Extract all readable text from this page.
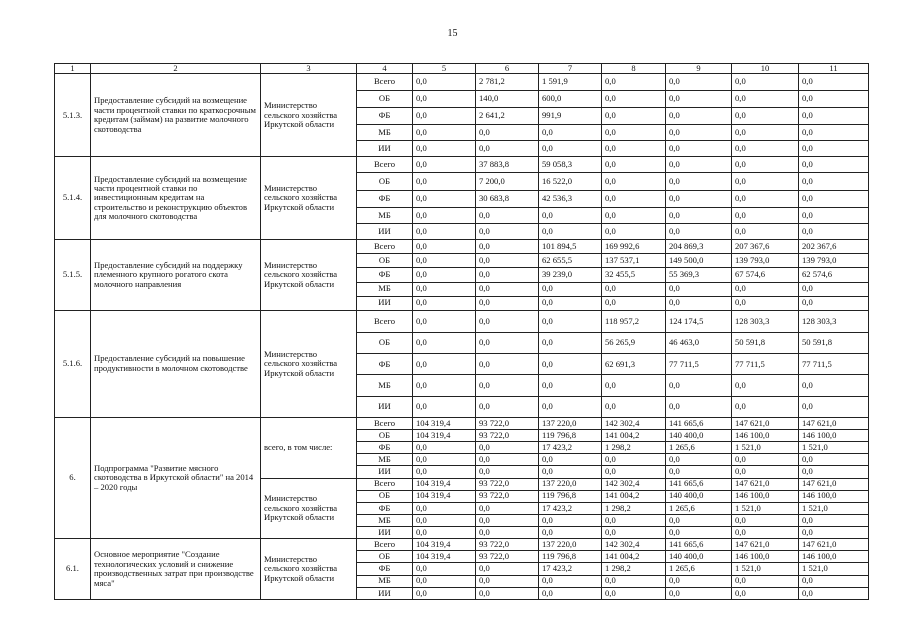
15
1	2	3	4	5	6	7	8	9	10	11
5.1.3.	Предоставление субсидий на возмещение части процентной ставки по краткосрочным кредитам (займам) на развитие молочного скотоводства	Министерство сельского хозяйства Иркутской области	Всего	0,0	2 781,2	1 591,9	0,0	0,0	0,0	0,0
			ОБ	0,0	140,0	600,0	0,0	0,0	0,0	0,0
			ФБ	0,0	2 641,2	991,9	0,0	0,0	0,0	0,0
			МБ	0,0	0,0	0,0	0,0	0,0	0,0	0,0
			ИИ	0,0	0,0	0,0	0,0	0,0	0,0	0,0
5.1.4.	Предоставление субсидий на возмещение части процентной ставки по инвестиционным кредитам на строительство и реконструкцию объектов для молочного скотоводства	Министерство сельского хозяйства Иркутской области	Всего	0,0	37 883,8	59 058,3	0,0	0,0	0,0	0,0
			ОБ	0,0	7 200,0	16 522,0	0,0	0,0	0,0	0,0
			ФБ	0,0	30 683,8	42 536,3	0,0	0,0	0,0	0,0
			МБ	0,0	0,0	0,0	0,0	0,0	0,0	0,0
			ИИ	0,0	0,0	0,0	0,0	0,0	0,0	0,0
5.1.5.	Предоставление субсидий на поддержку племенного крупного рогатого скота молочного направления	Министерство сельского хозяйства Иркутской области	Всего	0,0	0,0	101 894,5	169 992,6	204 869,3	207 367,6	202 367,6
			ОБ	0,0	0,0	62 655,5	137 537,1	149 500,0	139 793,0	139 793,0
			ФБ	0,0	0,0	39 239,0	32 455,5	55 369,3	67 574,6	62 574,6
			МБ	0,0	0,0	0,0	0,0	0,0	0,0	0,0
			ИИ	0,0	0,0	0,0	0,0	0,0	0,0	0,0
5.1.6.	Предоставление субсидий на повышение продуктивности в молочном скотоводстве	Министерство сельского хозяйства Иркутской области	Всего	0,0	0,0	0,0	118 957,2	124 174,5	128 303,3	128 303,3
			ОБ	0,0	0,0	0,0	56 265,9	46 463,0	50 591,8	50 591,8
			ФБ	0,0	0,0	0,0	62 691,3	77 711,5	77 711,5	77 711,5
			МБ	0,0	0,0	0,0	0,0	0,0	0,0	0,0
			ИИ	0,0	0,0	0,0	0,0	0,0	0,0	0,0
6.	Подпрограмма "Развитие мясного скотоводства в Иркутской области" на 2014 – 2020 годы	всего, в том числе:	Всего	104 319,4	93 722,0	137 220,0	142 302,4	141 665,6	147 621,0	147 621,0
			ОБ	104 319,4	93 722,0	119 796,8	141 004,2	140 400,0	146 100,0	146 100,0
			ФБ	0,0	0,0	17 423,2	1 298,2	1 265,6	1 521,0	1 521,0
			МБ	0,0	0,0	0,0	0,0	0,0	0,0	0,0
			ИИ	0,0	0,0	0,0	0,0	0,0	0,0	0,0
		Министерство сельского хозяйства Иркутской области	Всего	104 319,4	93 722,0	137 220,0	142 302,4	141 665,6	147 621,0	147 621,0
			ОБ	104 319,4	93 722,0	119 796,8	141 004,2	140 400,0	146 100,0	146 100,0
			ФБ	0,0	0,0	17 423,2	1 298,2	1 265,6	1 521,0	1 521,0
			МБ	0,0	0,0	0,0	0,0	0,0	0,0	0,0
			ИИ	0,0	0,0	0,0	0,0	0,0	0,0	0,0
6.1.	Основное мероприятие "Создание технологических условий и снижение производственных затрат при производстве мяса"	Министерство сельского хозяйства Иркутской области	Всего	104 319,4	93 722,0	137 220,0	142 302,4	141 665,6	147 621,0	147 621,0
			ОБ	104 319,4	93 722,0	119 796,8	141 004,2	140 400,0	146 100,0	146 100,0
			ФБ	0,0	0,0	17 423,2	1 298,2	1 265,6	1 521,0	1 521,0
			МБ	0,0	0,0	0,0	0,0	0,0	0,0	0,0
			ИИ	0,0	0,0	0,0	0,0	0,0	0,0	0,0
